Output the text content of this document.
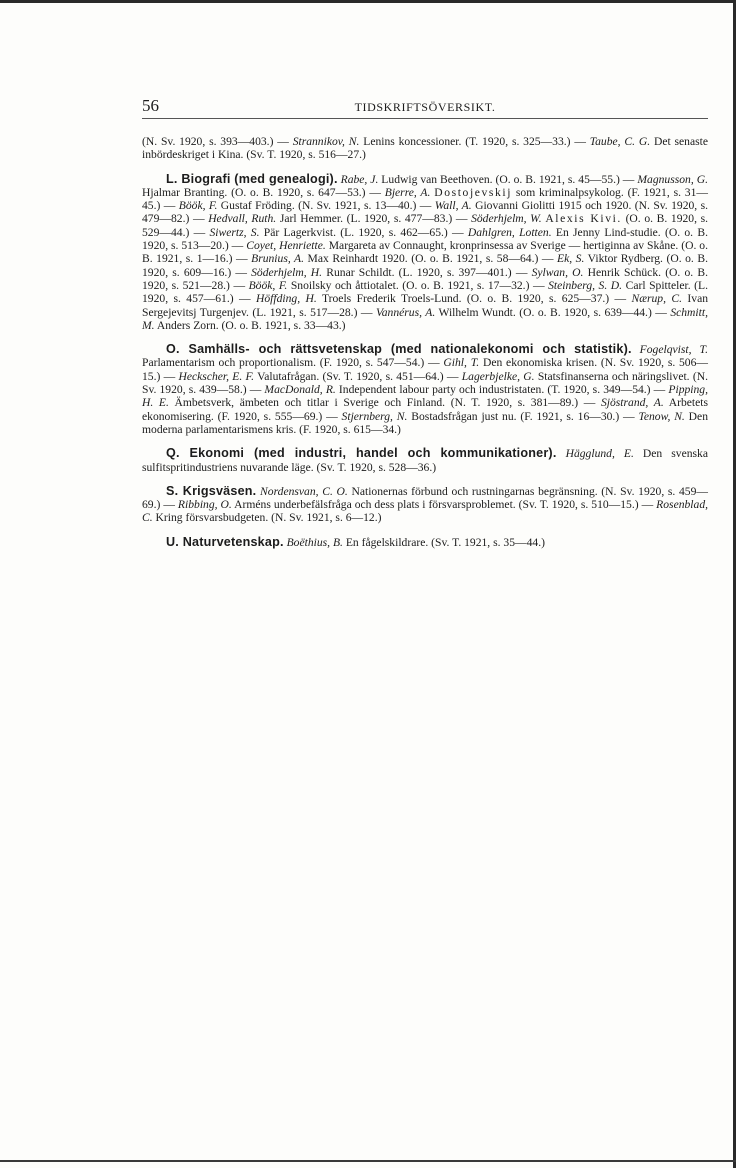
56	TIDSKRIFTSÖVERSIKT.

(N. Sv. 1920, s. 393—403.) — Strannikov, N. Lenins koncessioner. (T. 1920, s. 325—33.) — Taube, C. G. Det senaste inbördeskriget i Kina. (Sv. T. 1920, s. 516—27.)

L. Biografi (med genealogi). Rabe, J. Ludwig van Beethoven. (O. o. B. 1921, s. 45—55.) — Magnusson, G. Hjalmar Branting. (O. o. B. 1920, s. 647—53.) — Bjerre, A. Dostojevskij som kriminalpsykolog. (F. 1921, s. 31—45.) — Böök, F. Gustaf Fröding. (N. Sv. 1921, s. 13—40.) — Wall, A. Giovanni Giolitti 1915 och 1920. (N. Sv. 1920, s. 479—82.) — Hedvall, Ruth. Jarl Hemmer. (L. 1920, s. 477—83.) — Söderhjelm, W. Alexis Kivi. (O. o. B. 1920, s. 529—44.) — Siwertz, S. Pär Lagerkvist. (L. 1920, s. 462—65.) — Dahlgren, Lotten. En Jenny Lind-studie. (O. o. B. 1920, s. 513—20.) — Coyet, Henriette. Margareta av Connaught, kronprinsessa av Sverige — hertiginna av Skåne. (O. o. B. 1921, s. 1—16.) — Brunius, A. Max Reinhardt 1920. (O. o. B. 1921, s. 58—64.) — Ek, S. Viktor Rydberg. (O. o. B. 1920, s. 609—16.) — Söderhjelm, H. Runar Schildt. (L. 1920, s. 397—401.) — Sylwan, O. Henrik Schück. (O. o. B. 1920, s. 521—28.) — Böök, F. Snoilsky och åttiotalet. (O. o. B. 1921, s. 17—32.) — Steinberg, S. D. Carl Spitteler. (L. 1920, s. 457—61.) — Höffding, H. Troels Frederik Troels-Lund. (O. o. B. 1920, s. 625—37.) — Nærup, C. Ivan Sergejevitsj Turgenjev. (L. 1921, s. 517—28.) — Vannérus, A. Wilhelm Wundt. (O. o. B. 1920, s. 639—44.) — Schmitt, M. Anders Zorn. (O. o. B. 1921, s. 33—43.)

O. Samhälls- och rättsvetenskap (med nationalekonomi och statistik). Fogelqvist, T. Parlamentarism och proportionalism. (F. 1920, s. 547—54.) — Gihl, T. Den ekonomiska krisen. (N. Sv. 1920, s. 506—15.) — Heckscher, E. F. Valutafrågan. (Sv. T. 1920, s. 451—64.) — Lagerbjelke, G. Statsfinanserna och näringslivet. (N. Sv. 1920, s. 439—58.) — MacDonald, R. Independent labour party och industristaten. (T. 1920, s. 349—54.) — Pipping, H. E. Ämbetsverk, ämbeten och titlar i Sverige och Finland. (N. T. 1920, s. 381—89.) — Sjöstrand, A. Arbetets ekonomisering. (F. 1920, s. 555—69.) — Stjernberg, N. Bostadsfrågan just nu. (F. 1921, s. 16—30.) — Tenow, N. Den moderna parlamentarismens kris. (F. 1920, s. 615—34.)

Q. Ekonomi (med industri, handel och kommunikationer). Hägglund, E. Den svenska sulfitspritindustriens nuvarande läge. (Sv. T. 1920, s. 528—36.)

S. Krigsväsen. Nordensvan, C. O. Nationernas förbund och rustningarnas begränsning. (N. Sv. 1920, s. 459—69.) — Ribbing, O. Arméns underbefälsfråga och dess plats i försvarsproblemet. (Sv. T. 1920, s. 510—15.) — Rosenblad, C. Kring försvarsbudgeten. (N. Sv. 1921, s. 6—12.)

U. Naturvetenskap. Boëthius, B. En fågelskildrare. (Sv. T. 1921, s. 35—44.)
